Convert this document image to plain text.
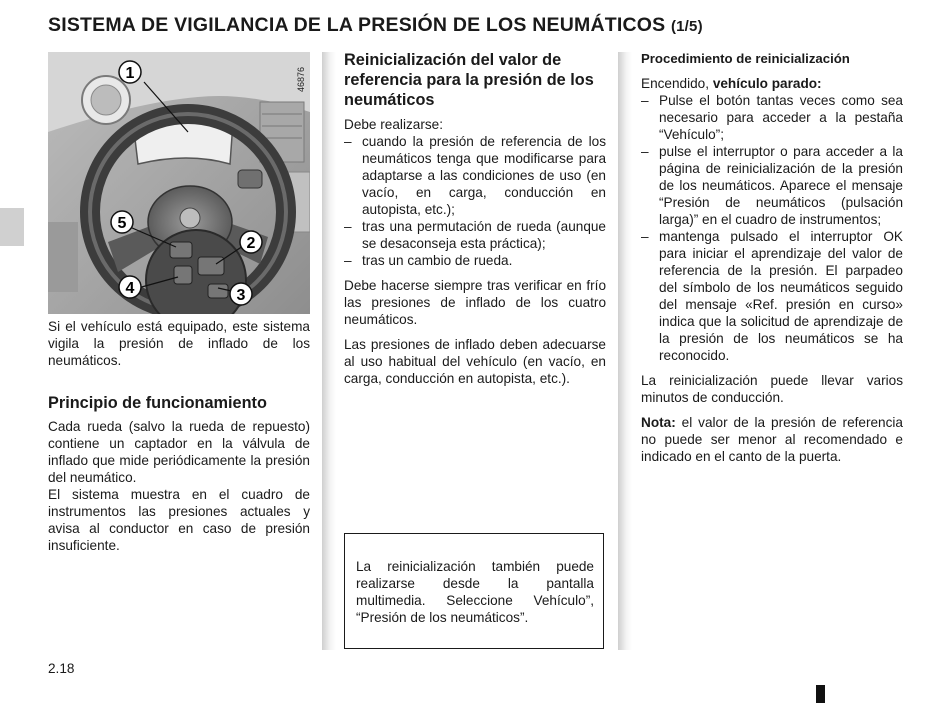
SISTEMA DE VIGILANCIA DE LA PRESIÓN DE LOS NEUMÁTICOS (1/5)
1
5
2
4	3
46876
Si el vehículo está equipado, este sistema vigila la presión de inflado de los neumáticos.
Principio de funcionamiento
Cada rueda (salvo la rueda de repuesto) contiene un captador en la válvula de inflado que mide periódicamente la presión del neumático.
El sistema muestra en el cuadro de instrumentos las presiones actuales y avisa al conductor en caso de presión insuficiente.
Reinicialización del valor de referencia para la presión de los neumáticos

Debe realizarse:

– cuando la presión de referencia de los neumáticos tenga que modificarse para adaptarse a las condiciones de uso (en vacío, en carga, conducción en autopista, etc.);
– tras una permutación de rueda (aunque se desaconseja esta práctica);
– tras un cambio de rueda.

Debe hacerse siempre tras verificar en frío las presiones de inflado de los cuatro neumáticos.

Las presiones de inflado deben adecuarse al uso habitual del vehículo (en vacío, en carga, conducción en autopista, etc.).

La reinicialización también puede realizarse desde la pantalla multimedia. Seleccione Vehículo”, “Presión de los neumáticos”.

Procedimiento de reinicialización

Encendido, vehículo parado:

– Pulse el botón tantas veces como sea necesario para acceder a la pestaña “Vehículo”;
– pulse el interruptor o para acceder a la página de reinicialización de la presión de los neumáticos. Aparece el mensaje “Presión de neumáticos (pulsación larga)” en el cuadro de instrumentos;
– mantenga pulsado el interruptor OK para iniciar el aprendizaje del valor de referencia de la presión. El parpadeo del símbolo de los neumáticos seguido del mensaje «Ref. presión en curso» indica que la solicitud de aprendizaje de la presión de los neumáticos se ha reconocido.

La reinicialización puede llevar varios minutos de conducción.

Nota: el valor de la presión de referencia no puede ser menor al recomendado e indicado en el canto de la puerta.

2.18
